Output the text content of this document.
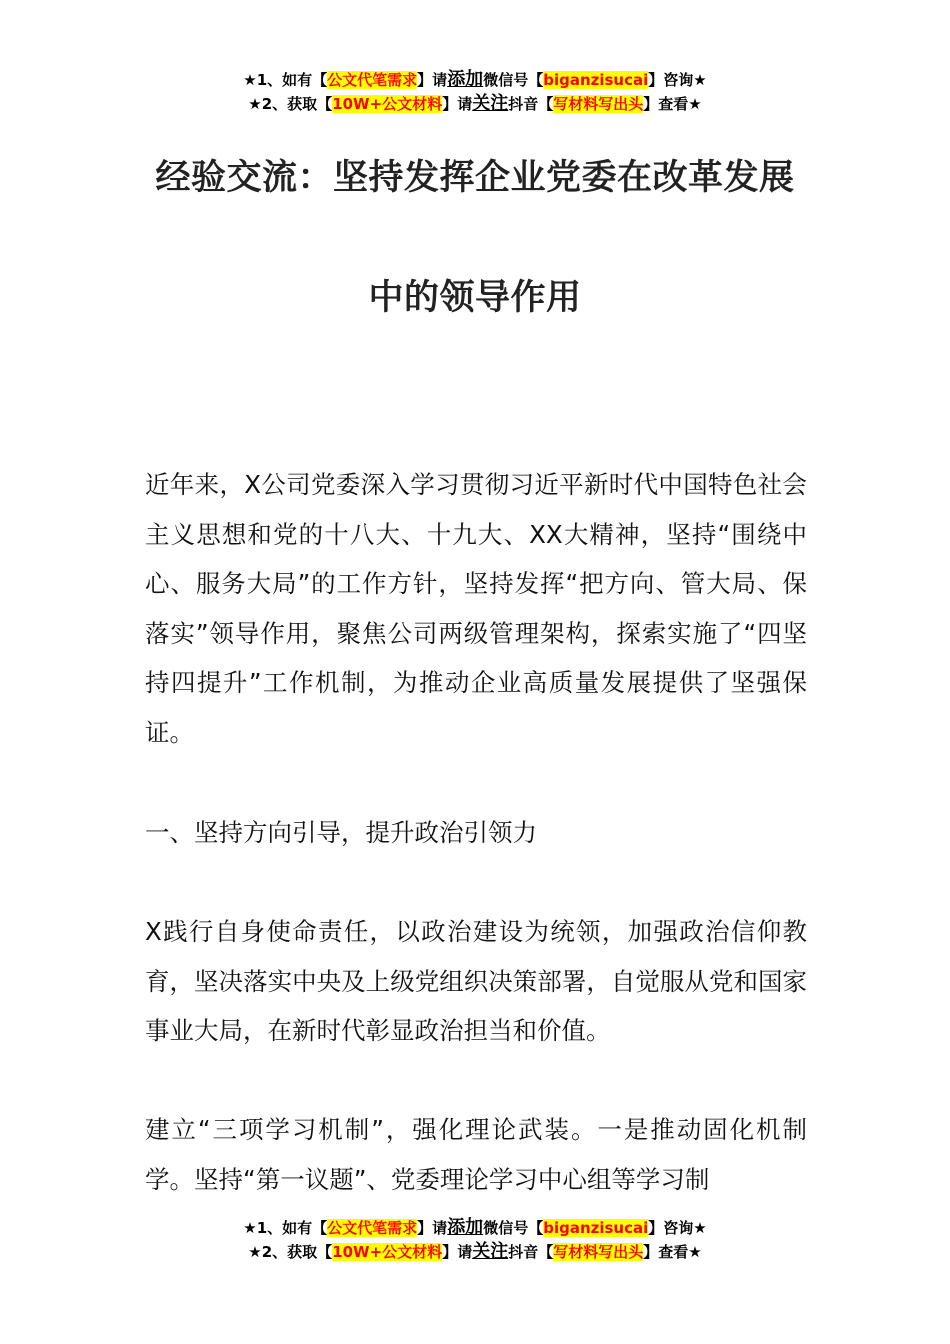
★1、如有【公文代笔需求】请添加微信号【biganzisucai】咨询★
★2、获取【10W+公文材料】请关注抖音【写材料写出头】查看★
经验交流：坚持发挥企业党委在改革发展
中的领导作用

近年来，X公司党委深入学习贯彻习近平新时代中国特色社会主义思想和党的十八大、十九大、XX大精神，坚持“围绕中心、服务大局”的工作方针，坚持发挥“把方向、管大局、保落实”领导作用，聚焦公司两级管理架构，探索实施了“四坚持四提升”工作机制，为推动企业高质量发展提供了坚强保证。

一、坚持方向引导，提升政治引领力

X践行自身使命责任，以政治建设为统领，加强政治信仰教育，坚决落实中央及上级党组织决策部署，自觉服从党和国家事业大局，在新时代彰显政治担当和价值。

建立“三项学习机制”，强化理论武装。一是推动固化机制学。坚持“第一议题”、党委理论学习中心组等学习制

★1、如有【公文代笔需求】请添加微信号【biganzisucai】咨询★
★2、获取【10W+公文材料】请关注抖音【写材料写出头】查看★
